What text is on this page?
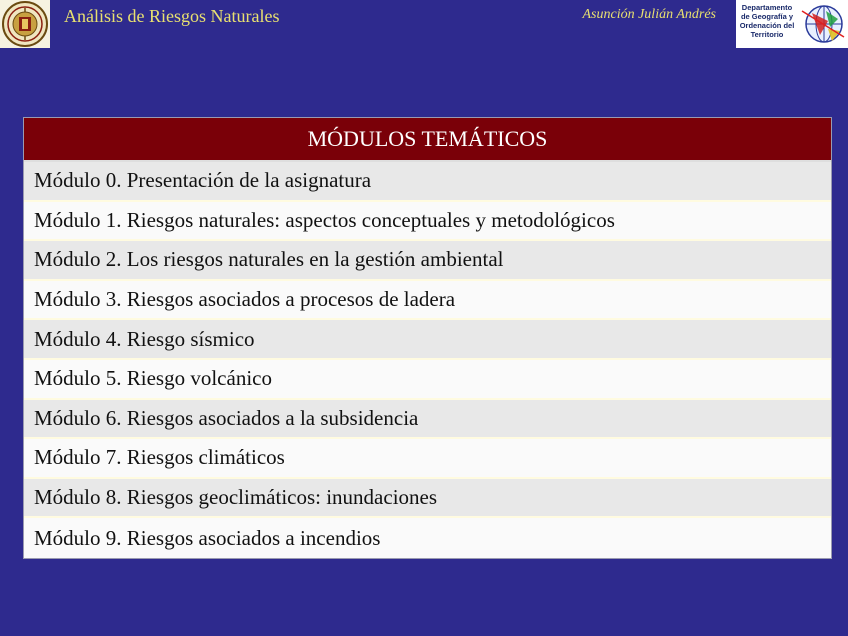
Análisis de Riesgos Naturales	Asunción Julián Andrés	Departamento
de Geografía y
Ordenación del
Territorio
MÓDULOS TEMÁTICOS
Módulo 0. Presentación de la asignatura
Módulo 1. Riesgos naturales: aspectos conceptuales y metodológicos
Módulo 2. Los riesgos naturales en la gestión ambiental
Módulo 3. Riesgos asociados a procesos de ladera
Módulo 4. Riesgo sísmico
Módulo 5. Riesgo volcánico
Módulo 6. Riesgos asociados a la subsidencia
Módulo 7. Riesgos climáticos
Módulo 8. Riesgos geoclimáticos: inundaciones
Módulo 9. Riesgos asociados a incendios
